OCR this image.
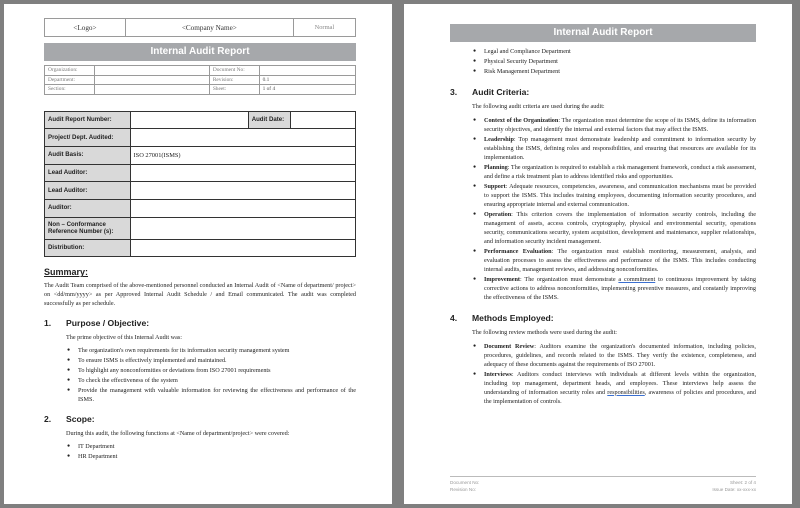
<Logo>	<Company Name>	Normal
Internal Audit Report
Organization:		Document No:	
Department:		Revision:	0.1
Section:		Sheet:	1 of 4
Audit Report Number:		Audit Date:	
Project/ Dept. Audited:			
Audit Basis:	ISO 27001(ISMS)		
Lead Auditor:			
Lead Auditor:			
Auditor:			
Non – Conformance Reference Number (s):			
Distribution:			
Summary:
The Audit Team comprised of the above-mentioned personnel conducted an Internal Audit of <Name of department/ project> on <dd/mm/yyyy> as per Approved Internal Audit Schedule / and Email communicated. The audit was completed successfully as per schedule.
1.	Purpose / Objective:
The prime objective of this Internal Audit was:
● The organization's own requirements for its information security management system
● To ensure ISMS is effectively implemented and maintained.
● To highlight any nonconformities or deviations from ISO 27001 requirements
● To check the effectiveness of the system
● Provide the management with valuable information for reviewing the effectiveness and performance of the ISMS.
2.	Scope:
During this audit, the following functions at <Name of department/project> were covered:
● IT Department
● HR Department
Internal Audit Report
● Legal and Compliance Department
● Physical Security Department
● Risk Management Department
3.	Audit Criteria:
The following audit criteria are used during the audit:
● Context of the Organization: The organization must determine the scope of its ISMS, define its information security objectives, and identify the internal and external factors that may affect the ISMS.
● Leadership: Top management must demonstrate leadership and commitment to information security by establishing the ISMS, defining roles and responsibilities, and ensuring that resources are available for its implementation.
● Planning: The organization is required to establish a risk management framework, conduct a risk assessment, and define a risk treatment plan to address identified risks and opportunities.
● Support: Adequate resources, competencies, awareness, and communication mechanisms must be provided to support the ISMS. This includes training employees, documenting information security procedures, and ensuring appropriate internal and external communication.
● Operation: This criterion covers the implementation of information security controls, including the management of assets, access controls, cryptography, physical and environmental security, operations security, communications security, system acquisition, development and maintenance, supplier relationships, and information security incident management.
● Performance Evaluation: The organization must establish monitoring, measurement, analysis, and evaluation processes to assess the effectiveness and performance of the ISMS. This includes conducting internal audits, management reviews, and addressing nonconformities.
● Improvement: The organization must demonstrate a commitment to continuous improvement by taking corrective actions to address nonconformities, implementing preventive measures, and constantly improving the effectiveness of the ISMS.
4.	Methods Employed:
The following review methods were used during the audit:
● Document Review: Auditors examine the organization's documented information, including policies, procedures, guidelines, and records related to the ISMS. They verify the existence, completeness, and adequacy of these documents against the requirements of ISO 27001.
● Interviews: Auditors conduct interviews with individuals at different levels within the organization, including top management, department heads, and employees. These interviews help assess the understanding of information security roles and responsibilities, awareness of policies and procedures, and the implementation of controls.
Document No:	Sheet: 2 of 4
Revision No:	Issue Date: xx-xxx-xx
